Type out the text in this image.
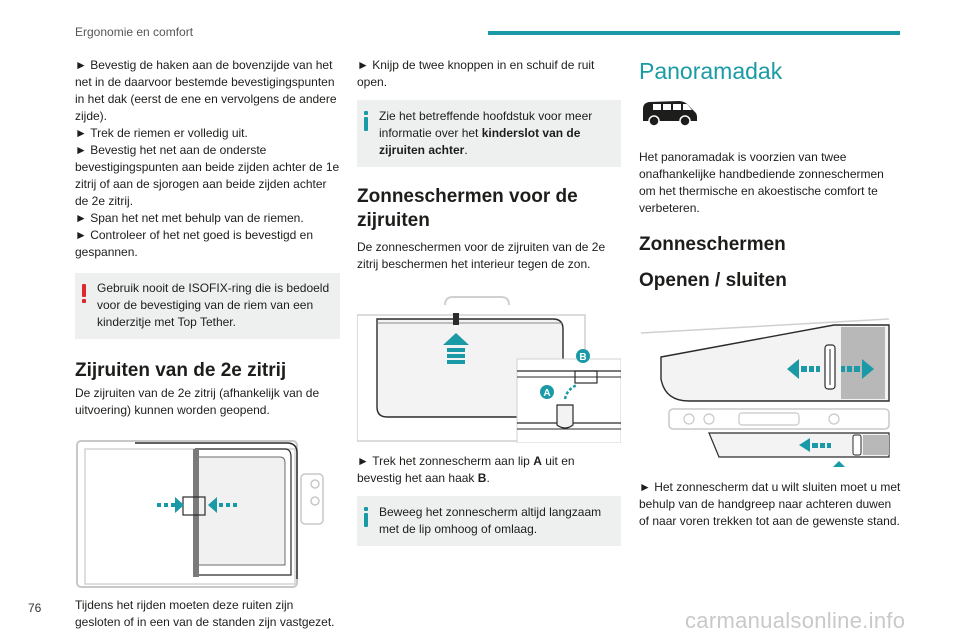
Ergonomie en comfort
► Bevestig de haken aan de bovenzijde van het net in de daarvoor bestemde bevestigingspunten in het dak (eerst de ene en vervolgens de andere zijde).
► Trek de riemen er volledig uit.
► Bevestig het net aan de onderste bevestigingspunten aan beide zijden achter de 1e zitrij of aan de sjorogen aan beide zijden achter de 2e zitrij.
► Span het net met behulp van de riemen.
► Controleer of het net goed is bevestigd en gespannen.
Gebruik nooit de ISOFIX-ring die is bedoeld voor de bevestiging van de riem van een kinderzitje met Top Tether.
Zijruiten van de 2e zitrij
De zijruiten van de 2e zitrij (afhankelijk van de uitvoering) kunnen worden geopend.
Tijdens het rijden moeten deze ruiten zijn gesloten of in een van de standen zijn vastgezet.
► Knijp de twee knoppen in en schuif de ruit open.
Zie het betreffende hoofdstuk voor meer informatie over het kinderslot van de zijruiten achter.
Zonneschermen voor de zijruiten
De zonneschermen voor de zijruiten van de 2e zitrij beschermen het interieur tegen de zon.
B
A
► Trek het zonnescherm aan lip A uit en bevestig het aan haak B.
Beweeg het zonnescherm altijd langzaam met de lip omhoog of omlaag.
Panoramadak
Het panoramadak is voorzien van twee onafhankelijke handbediende zonneschermen om het thermische en akoestische comfort te verbeteren.
Zonneschermen
Openen / sluiten
► Het zonnescherm dat u wilt sluiten moet u met behulp van de handgreep naar achteren duwen of naar voren trekken tot aan de gewenste stand.
76	carmanualsonline.info
